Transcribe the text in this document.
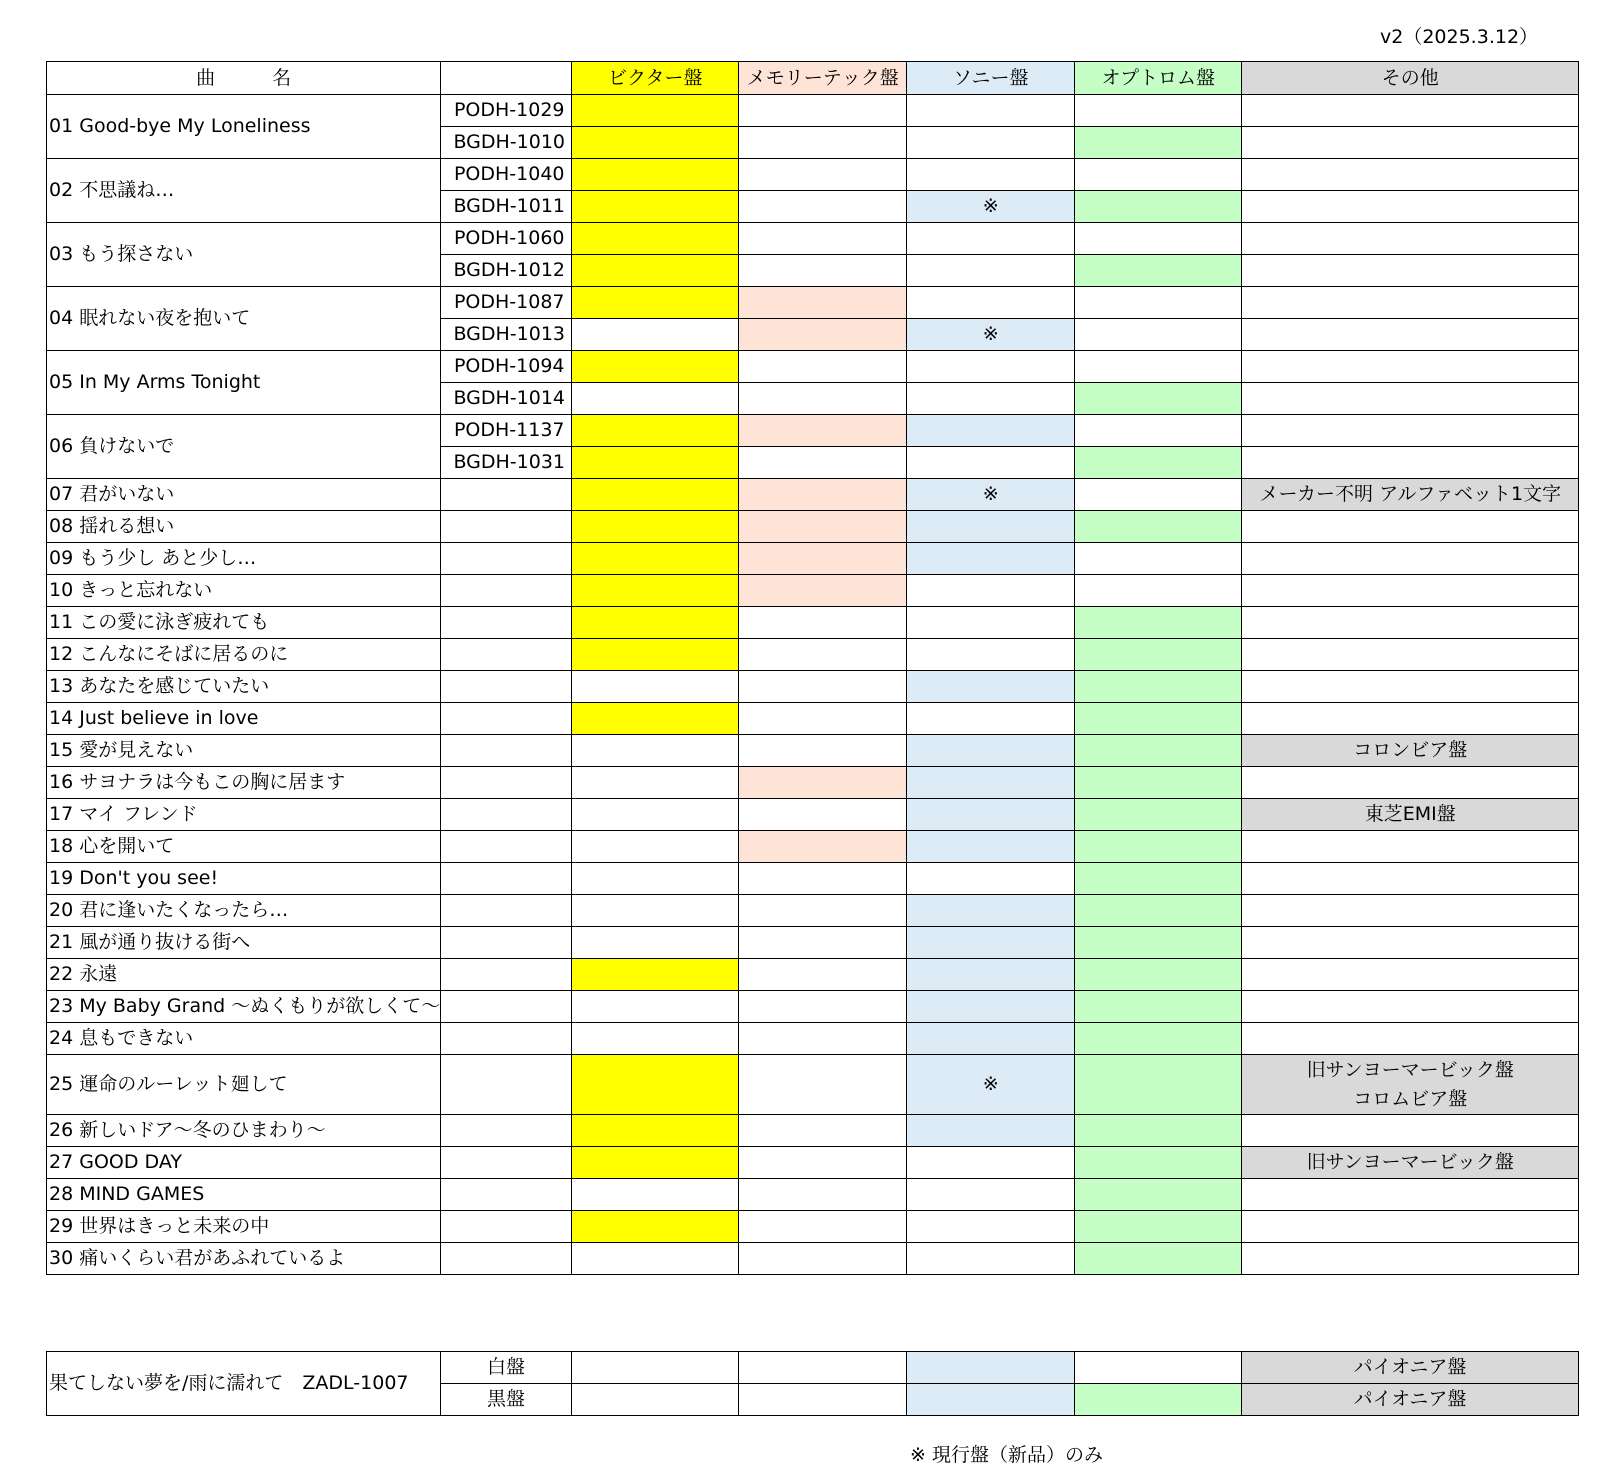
v2（2025.3.12）
曲　　　名		ビクター盤	メモリーテック盤	ソニー盤	オプトロム盤	その他
01 Good-bye My Loneliness	PODH-1029					
	BGDH-1010					
02 不思議ね…	PODH-1040					
	BGDH-1011			※		
03 もう探さない	PODH-1060					
	BGDH-1012					
04 眠れない夜を抱いて	PODH-1087					
	BGDH-1013			※		
05 In My Arms Tonight	PODH-1094					
	BGDH-1014					
06 負けないで	PODH-1137					
	BGDH-1031					
07 君がいない				※		メーカー不明 アルファベット1文字
08 揺れる想い						
09 もう少し あと少し…						
10 きっと忘れない						
11 この愛に泳ぎ疲れても						
12 こんなにそばに居るのに						
13 あなたを感じていたい						
14 Just believe in love						
15 愛が見えない						コロンビア盤
16 サヨナラは今もこの胸に居ます						
17 マイ フレンド						東芝EMI盤
18 心を開いて						
19 Don't you see!						
20 君に逢いたくなったら…						
21 風が通り抜ける街へ						
22 永遠						
23 My Baby Grand ～ぬくもりが欲しくて～						
24 息もできない						
25 運命のルーレット廻して				※		旧サンヨーマービック盤
コロムビア盤

26 新しいドア～冬のひまわり～						
27 GOOD DAY						旧サンヨーマービック盤
28 MIND GAMES						
29 世界はきっと未来の中						
30 痛いくらい君があふれているよ						
果てしない夢を/雨に濡れて　ZADL-1007	白盤					パイオニア盤
	黒盤					パイオニア盤
※ 現行盤（新品）のみ
